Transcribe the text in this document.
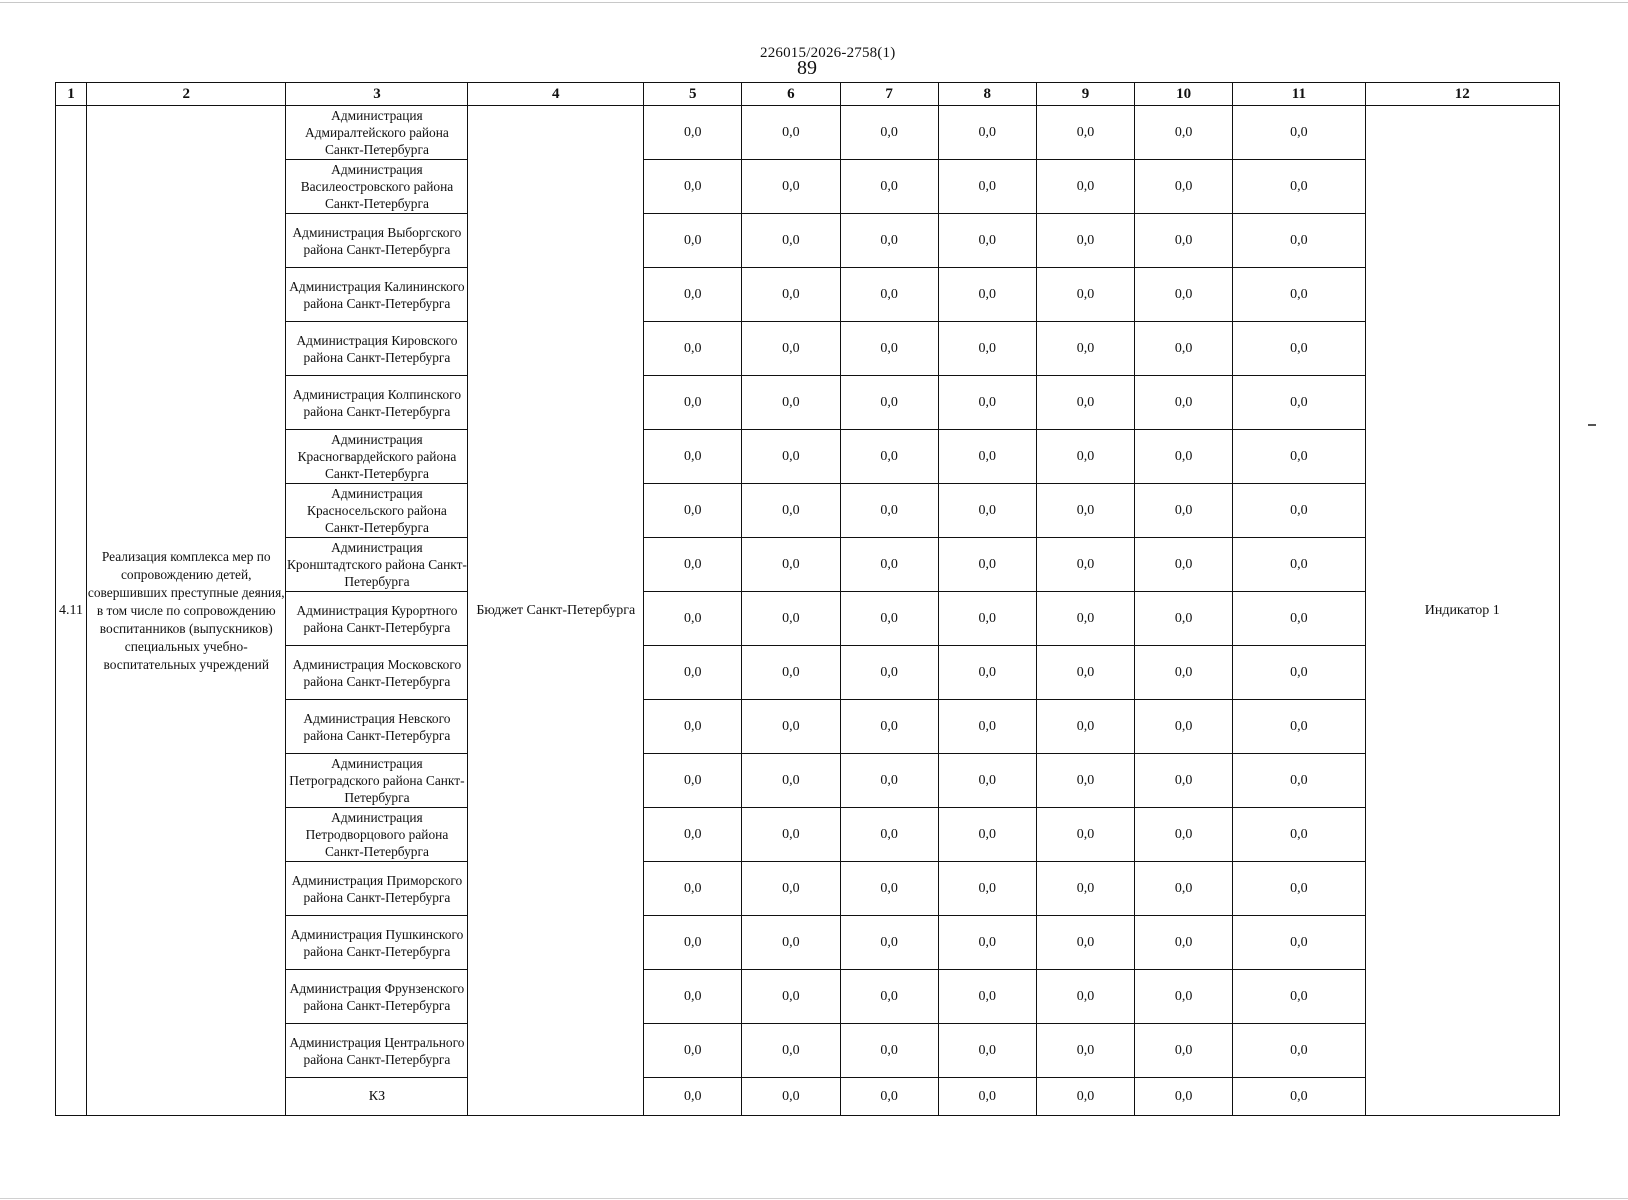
226015/2026-2758(1)
89
1	2	3	4	5	6	7	8	9	10	11	12
4.11	Реализация комплекса мер по сопровождению детей, совершивших преступные деяния, в том числе по сопровождению воспитанников (выпускников) специальных учебно-воспитательных учреждений	Администрация Адмиралтейского района Санкт-Петербурга	Бюджет Санкт-Петербурга	0,0	0,0	0,0	0,0	0,0	0,0	0,0	Индикатор 1
		Администрация Василеостровского района Санкт-Петербурга		0,0	0,0	0,0	0,0	0,0	0,0	0,0	
		Администрация Выборгского района Санкт-Петербурга		0,0	0,0	0,0	0,0	0,0	0,0	0,0	
		Администрация Калининского района Санкт-Петербурга		0,0	0,0	0,0	0,0	0,0	0,0	0,0	
		Администрация Кировского района Санкт-Петербурга		0,0	0,0	0,0	0,0	0,0	0,0	0,0	
		Администрация Колпинского района Санкт-Петербурга		0,0	0,0	0,0	0,0	0,0	0,0	0,0	
		Администрация Красногвардейского района Санкт-Петербурга		0,0	0,0	0,0	0,0	0,0	0,0	0,0	
		Администрация Красносельского района Санкт-Петербурга		0,0	0,0	0,0	0,0	0,0	0,0	0,0	
		Администрация Кронштадтского района Санкт-Петербурга		0,0	0,0	0,0	0,0	0,0	0,0	0,0	
		Администрация Курортного района Санкт-Петербурга		0,0	0,0	0,0	0,0	0,0	0,0	0,0	
		Администрация Московского района Санкт-Петербурга		0,0	0,0	0,0	0,0	0,0	0,0	0,0	
		Администрация Невского района Санкт-Петербурга		0,0	0,0	0,0	0,0	0,0	0,0	0,0	
		Администрация Петроградского района Санкт-Петербурга		0,0	0,0	0,0	0,0	0,0	0,0	0,0	
		Администрация Петродворцового района Санкт-Петербурга		0,0	0,0	0,0	0,0	0,0	0,0	0,0	
		Администрация Приморского района Санкт-Петербурга		0,0	0,0	0,0	0,0	0,0	0,0	0,0	
		Администрация Пушкинского района Санкт-Петербурга		0,0	0,0	0,0	0,0	0,0	0,0	0,0	
		Администрация Фрунзенского района Санкт-Петербурга		0,0	0,0	0,0	0,0	0,0	0,0	0,0	
		Администрация Центрального района Санкт-Петербурга		0,0	0,0	0,0	0,0	0,0	0,0	0,0	
		КЗ		0,0	0,0	0,0	0,0	0,0	0,0	0,0	
